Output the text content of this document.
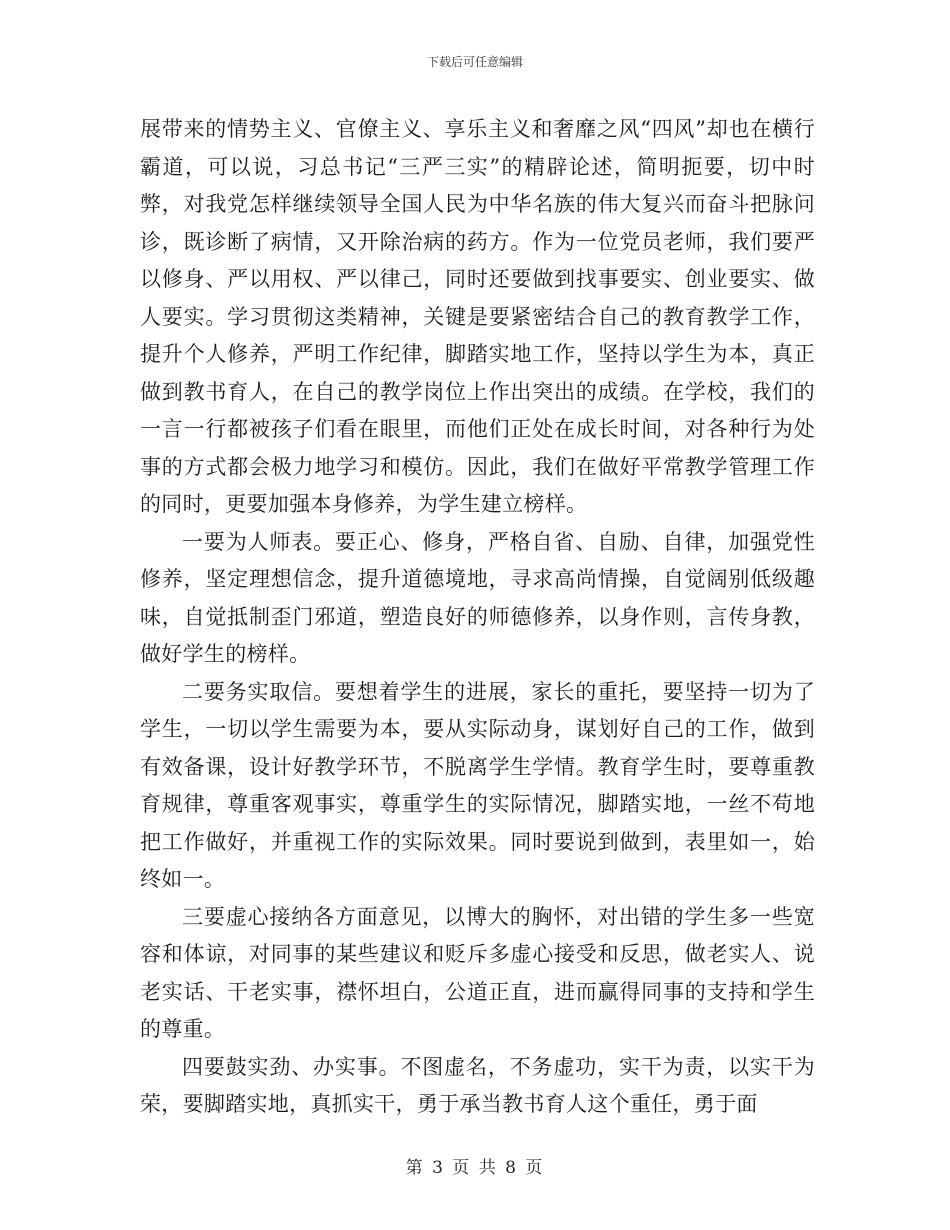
下载后可任意编辑

展带来的情势主义、官僚主义、享乐主义和奢靡之风“四风”却也在横行霸道，可以说，习总书记“三严三实”的精辟论述，简明扼要，切中时弊，对我党怎样继续领导全国人民为中华名族的伟大复兴而奋斗把脉问诊，既诊断了病情，又开除治病的药方。作为一位党员老师，我们要严以修身、严以用权、严以律己，同时还要做到找事要实、创业要实、做人要实。学习贯彻这类精神，关键是要紧密结合自己的教育教学工作，提升个人修养，严明工作纪律，脚踏实地工作，坚持以学生为本，真正做到教书育人，在自己的教学岗位上作出突出的成绩。在学校，我们的一言一行都被孩子们看在眼里，而他们正处在成长时间，对各种行为处事的方式都会极力地学习和模仿。因此，我们在做好平常教学管理工作的同时，更要加强本身修养，为学生建立榜样。

一要为人师表。要正心、修身，严格自省、自励、自律，加强党性修养，坚定理想信念，提升道德境地，寻求高尚情操，自觉阔别低级趣味，自觉抵制歪门邪道，塑造良好的师德修养，以身作则，言传身教，做好学生的榜样。

二要务实取信。要想着学生的进展，家长的重托，要坚持一切为了学生，一切以学生需要为本，要从实际动身，谋划好自己的工作，做到有效备课，设计好教学环节，不脱离学生学情。教育学生时，要尊重教育规律，尊重客观事实，尊重学生的实际情况，脚踏实地，一丝不苟地把工作做好，并重视工作的实际效果。同时要说到做到，表里如一，始终如一。

三要虚心接纳各方面意见，以博大的胸怀，对出错的学生多一些宽容和体谅，对同事的某些建议和贬斥多虚心接受和反思，做老实人、说老实话、干老实事，襟怀坦白，公道正直，进而赢得同事的支持和学生的尊重。

四要鼓实劲、办实事。不图虚名，不务虚功，实干为责，以实干为荣，要脚踏实地，真抓实干，勇于承当教书育人这个重任，勇于面

第 3 页 共 8 页
